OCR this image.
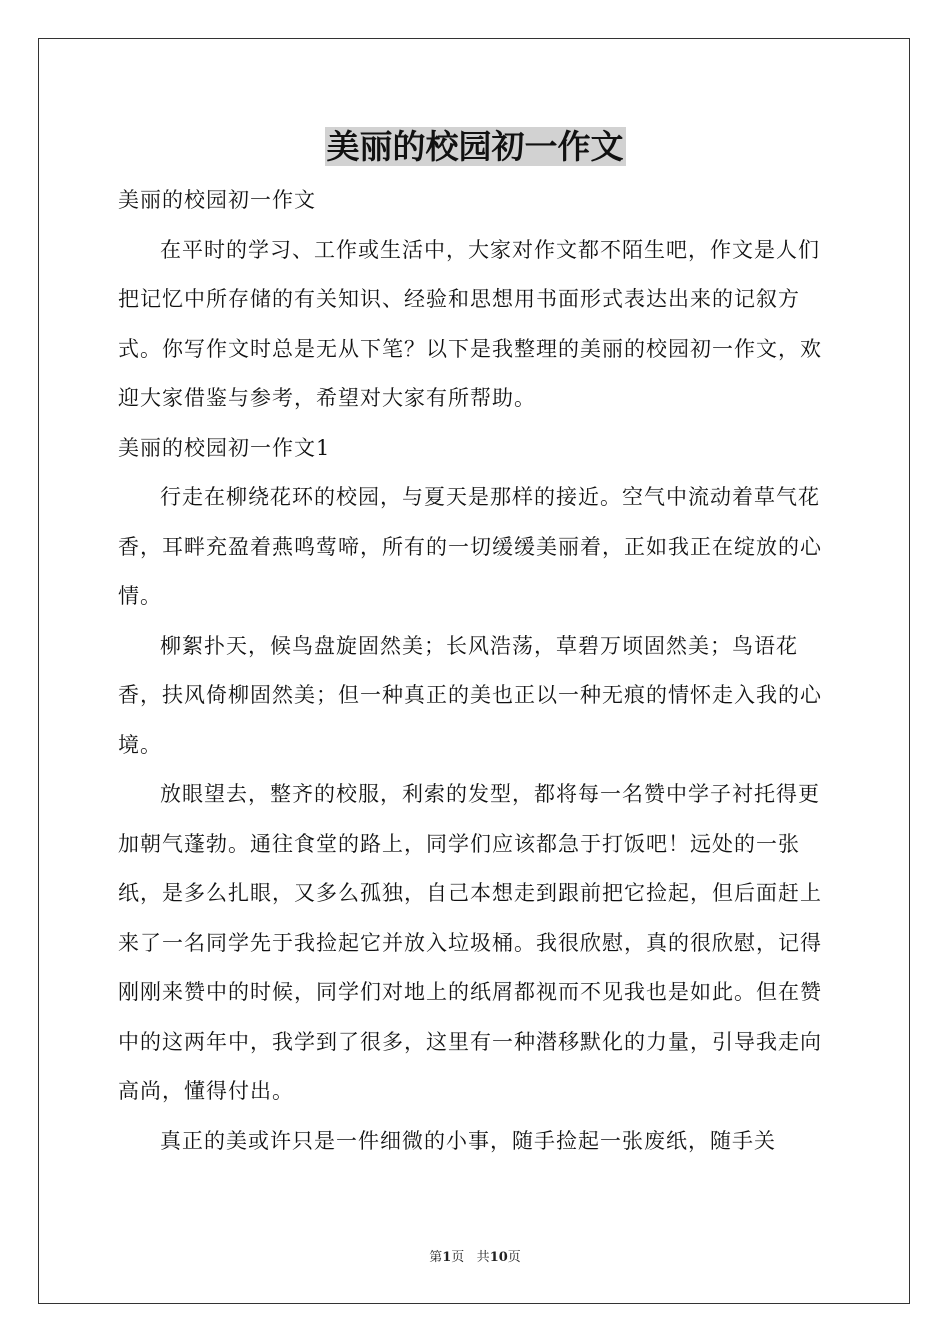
美丽的校园初一作文

美丽的校园初一作文

在平时的学习、工作或生活中，大家对作文都不陌生吧，作文是人们把记忆中所存储的有关知识、经验和思想用书面形式表达出来的记叙方式。你写作文时总是无从下笔？以下是我整理的美丽的校园初一作文，欢迎大家借鉴与参考，希望对大家有所帮助。

美丽的校园初一作文1

行走在柳绕花环的校园，与夏天是那样的接近。空气中流动着草气花香，耳畔充盈着燕鸣莺啼，所有的一切缓缓美丽着，正如我正在绽放的心情。

柳絮扑天，候鸟盘旋固然美；长风浩荡，草碧万顷固然美；鸟语花香，扶风倚柳固然美；但一种真正的美也正以一种无痕的情怀走入我的心境。

放眼望去，整齐的校服，利索的发型，都将每一名赞中学子衬托得更加朝气蓬勃。通往食堂的路上，同学们应该都急于打饭吧！远处的一张纸，是多么扎眼，又多么孤独，自己本想走到跟前把它捡起，但后面赶上来了一名同学先于我捡起它并放入垃圾桶。我很欣慰，真的很欣慰，记得刚刚来赞中的时候，同学们对地上的纸屑都视而不见我也是如此。但在赞中的这两年中，我学到了很多，这里有一种潜移默化的力量，引导我走向高尚，懂得付出。

真正的美或许只是一件细微的小事，随手捡起一张废纸，随手关

第1页 共10页
